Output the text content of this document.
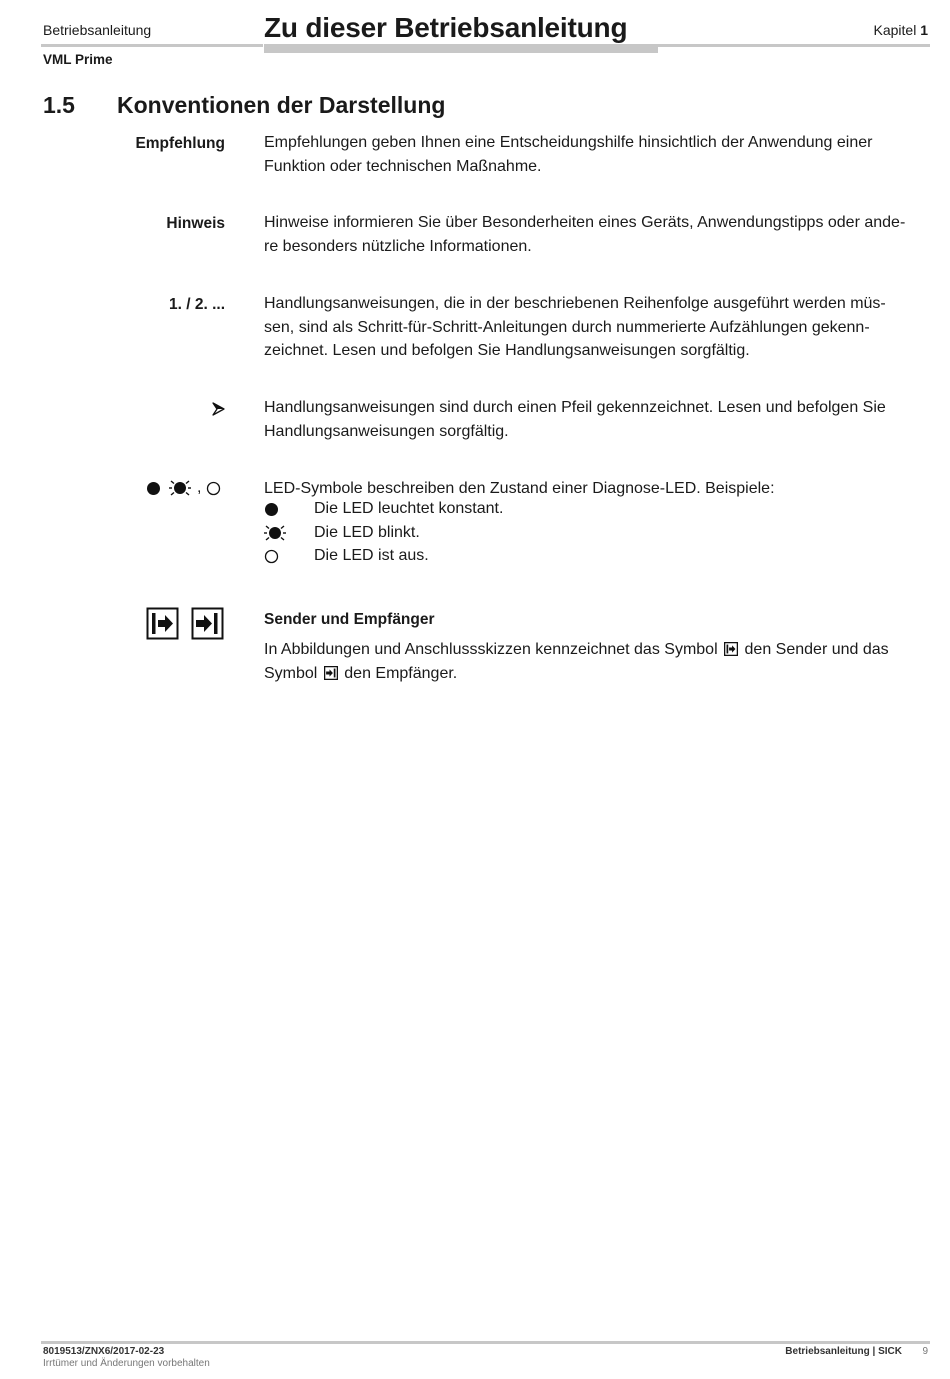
Betriebsanleitung	Zu dieser Betriebsanleitung	Kapitel 1
VML Prime
1.5 Konventionen der Darstellung
Empfehlung Empfehlungen geben Ihnen eine Entscheidungshilfe hinsichtlich der Anwendung einer
Funktion oder technischen Maßnahme.
Hinweis Hinweise informieren Sie über Besonderheiten eines Geräts, Anwendungstipps oder ande-
re besonders nützliche Informationen.
1. / 2. ... Handlungsanweisungen, die in der beschriebenen Reihenfolge ausgeführt werden müs-
sen, sind als Schritt-für-Schritt-Anleitungen durch nummerierte Aufzählungen gekenn-
zeichnet. Lesen und befolgen Sie Handlungsanweisungen sorgfältig.
Handlungsanweisungen sind durch einen Pfeil gekennzeichnet. Lesen und befolgen Sie
Handlungsanweisungen sorgfältig.
,	LED-Symbole beschreiben den Zustand einer Diagnose-LED. Beispiele:
Die LED leuchtet konstant.
Die LED blinkt.
Die LED ist aus.
Sender und Empfänger
In Abbildungen und Anschlussskizzen kennzeichnet das Symbol den Sender und das
Symbol den Empfänger.
8019513/ZNX6/2017-02-23
Irrtümer und Änderungen vorbehalten
Betriebsanleitung | SICK 9
